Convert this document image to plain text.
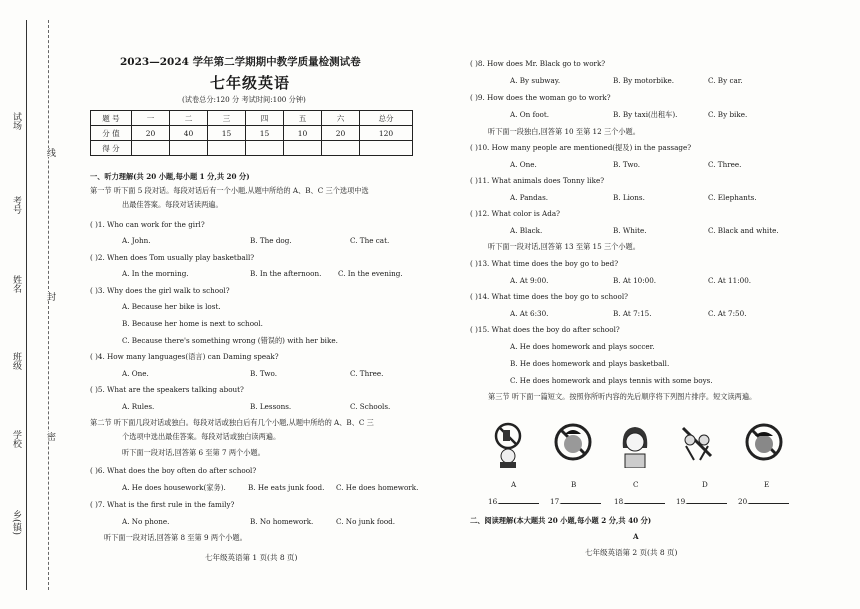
试场
考号
姓名
班级
学校
乡(镇)
线
封
密
2023—2024 学年第二学期期中教学质量检测试卷
七年级英语
(试卷总分:120 分 考试时间:100 分钟)
题 号	一	二	三	四	五	六	总分
分 值	20	40	15	15	10	20	120
得 分							
一、听力理解(共 20 小题,每小题 1 分,共 20 分)
第一节 听下面 5 段对话。每段对话后有一个小题,从题中所给的 A、B、C 三个选项中选
出最佳答案。每段对话读两遍。
( )1. Who can work for the girl?
A. John.	B. The dog.	C. The cat.
( )2. When does Tom usually play basketball?
A. In the morning.	B. In the afternoon. C. In the evening.
( )3. Why does the girl walk to school?
A. Because her bike is lost.
B. Because her home is next to school.
C. Because there's something wrong (错误的) with her bike.
( )4. How many languages(语言) can Daming speak?
A. One.	B. Two.	C. Three.
( )5. What are the speakers talking about?
A. Rules.	B. Lessons.	C. Schools.
第二节 听下面几段对话或独白。每段对话或独白后有几个小题,从题中所给的 A、B、C 三
个选项中选出最佳答案。每段对话或独白读两遍。
听下面一段对话,回答第 6 至第 7 两个小题。
( )6. What does the boy often do after school?
A. He does housework(家务).	B. He eats junk food. C. He does homework.
( )7. What is the first rule in the family?
A. No phone.	B. No homework.	C. No junk food.
听下面一段对话,回答第 8 至第 9 两个小题。
七年级英语第 1 页(共 8 页)
( )8. How does Mr. Black go to work?
A. By subway.	B. By motorbike.	C. By car.
( )9. How does the woman go to work?
A. On foot.	B. By taxi(出租车).	C. By bike.
听下面一段独白,回答第 10 至第 12 三个小题。
( )10. How many people are mentioned(提及) in the passage?
A. One.	B. Two.	C. Three.
( )11. What animals does Tonny like?
A. Pandas.	B. Lions.	C. Elephants.
( )12. What color is Ada?
A. Black.	B. White.	C. Black and white.
听下面一段对话,回答第 13 至第 15 三个小题。
( )13. What time does the boy go to bed?
A. At 9:00.	B. At 10:00.	C. At 11:00.
( )14. What time does the boy go to school?
A. At 6:30.	B. At 7:15.	C. At 7:50.
( )15. What does the boy do after school?
A. He does homework and plays soccer.
B. He does homework and plays basketball.
C. He does homework and plays tennis with some boys.
第三节 听下面一篇短文。按照你所听内容的先后顺序将下列图片排序。短文读两遍。
A	B	C	D	E
16.	17.	18.	19.	20.
二、阅读理解(本大题共 20 小题,每小题 2 分,共 40 分)
A
七年级英语第 2 页(共 8 页)
